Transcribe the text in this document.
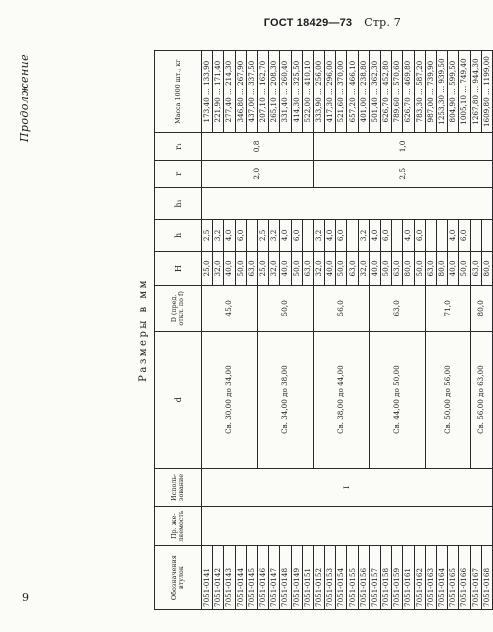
ГОСТ 18429—73 Стр. 7
Продолжение
Размеры в мм
Обозначения втулок	Пр. же- ляемость	Исполь- зование	d	D (пред. откл. по f)	H	h	h₁	r	r₁	Масса 1000 шт., кг
7051-0141		I	Св. 30,00 до 34,00	45,0	25,0	2,5		2,0	0,8	173,40 ... 133,90
7051-0142					32,0	3,2				221,90 ... 171,40
7051-0143					40,0	4,0				277,40 ... 214,30
7051-0144					50,0	6,0				346,80 ... 267,90
7051-0145					63,0					437,00 ... 337,50
7051-0146			Св. 34,00 до 38,00	50,0	25,0	2,5				207,10 ... 162,70
7051-0147					32,0	3,2				265,10 ... 208,30
7051-0148					40,0	4,0				331,40 ... 260,40
7051-0149					50,0	6,0				414,30 ... 325,50
7051-0151					63,0					522,00 ... 410,10
7051-0152			Св. 38,00 до 44,00	56,0	32,0	3,2		2,5	1,0	333,90 ... 256,00
7051-0153					40,0	4,0				417,30 ... 296,00
7051-0154					50,0	6,0				521,60 ... 370,00
7051-0155					63,0					657,20 ... 466,10
7051-0156					32,0	3,2				401,00 ... 238,80
7051-0157			Св. 44,00 до 50,00	63,0	40,0	4,0				501,40 ... 362,30
7051-0158					50,0	6,0				626,70 ... 452,80
7051-0159					63,0					789,60 ... 570,60
7051-0161					80,0	4,0				626,70 ... 469,80
7051-0162					50,0	6,0				783,30 ... 587,20
7051-0163			Св. 50,00 до 56,00	71,0	63,0					987,00 ... 739,90
7051-0164					80,0					1253,30 ... 939,50
7051-0165					40,0	4,0				804,90 ... 599,50
7051-0166					50,0	6,0				1005,10 ... 749,40
7051-0167			Св. 56,00 до 63,00	80,0	63,0					1267,80 ... 944,30
7051-0168					80,0					1609,80 ... 1199,00
9
